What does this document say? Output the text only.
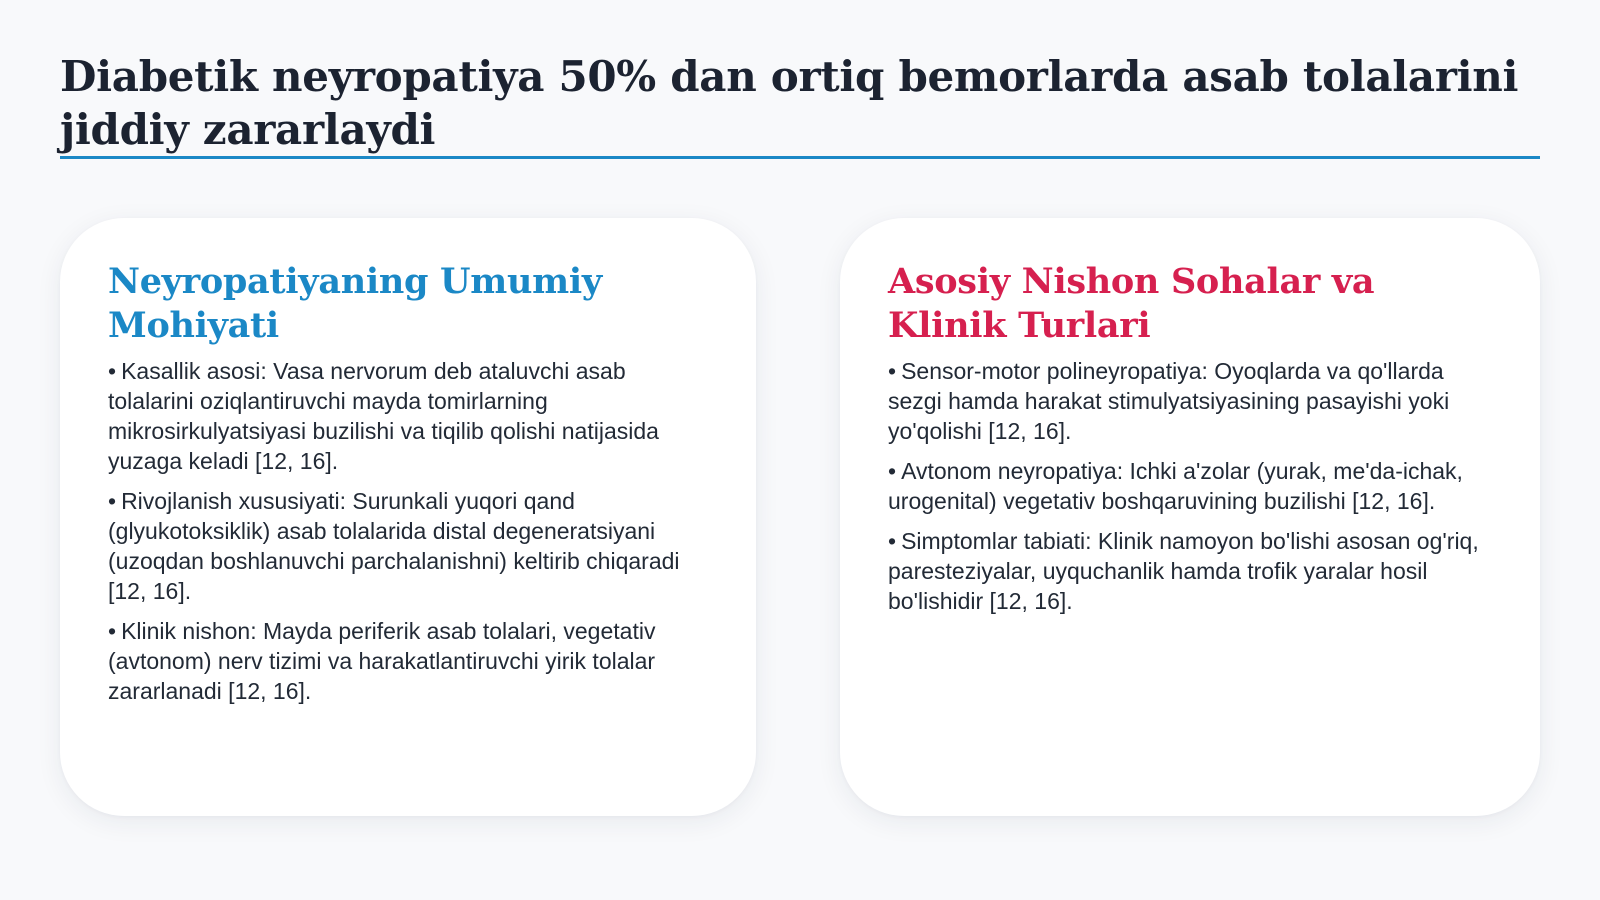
Diabetik neyropatiya 50% dan ortiq bemorlarda asab tolalarini jiddiy zararlaydi
Neyropatiyaning Umumiy Mohiyati
• Kasallik asosi: Vasa nervorum deb ataluvchi asab tolalarini oziqlantiruvchi mayda tomirlarning mikrosirkulyatsiyasi buzilishi va tiqilib qolishi natijasida yuzaga keladi [12, 16].
• Rivojlanish xususiyati: Surunkali yuqori qand (glyukotoksiklik) asab tolalarida distal degeneratsiyani (uzoqdan boshlanuvchi parchalanishni) keltirib chiqaradi [12, 16].
• Klinik nishon: Mayda periferik asab tolalari, vegetativ (avtonom) nerv tizimi va harakatlantiruvchi yirik tolalar zararlanadi [12, 16].
Asosiy Nishon Sohalar va Klinik Turlari
• Sensor-motor polineyropatiya: Oyoqlarda va qo'llarda sezgi hamda harakat stimulyatsiyasining pasayishi yoki yo'qolishi [12, 16].
• Avtonom neyropatiya: Ichki a'zolar (yurak, me'da-ichak, urogenital) vegetativ boshqaruvining buzilishi [12, 16].
• Simptomlar tabiati: Klinik namoyon bo'lishi asosan og'riq, paresteziyalar, uyquchanlik hamda trofik yaralar hosil bo'lishidir [12, 16].
